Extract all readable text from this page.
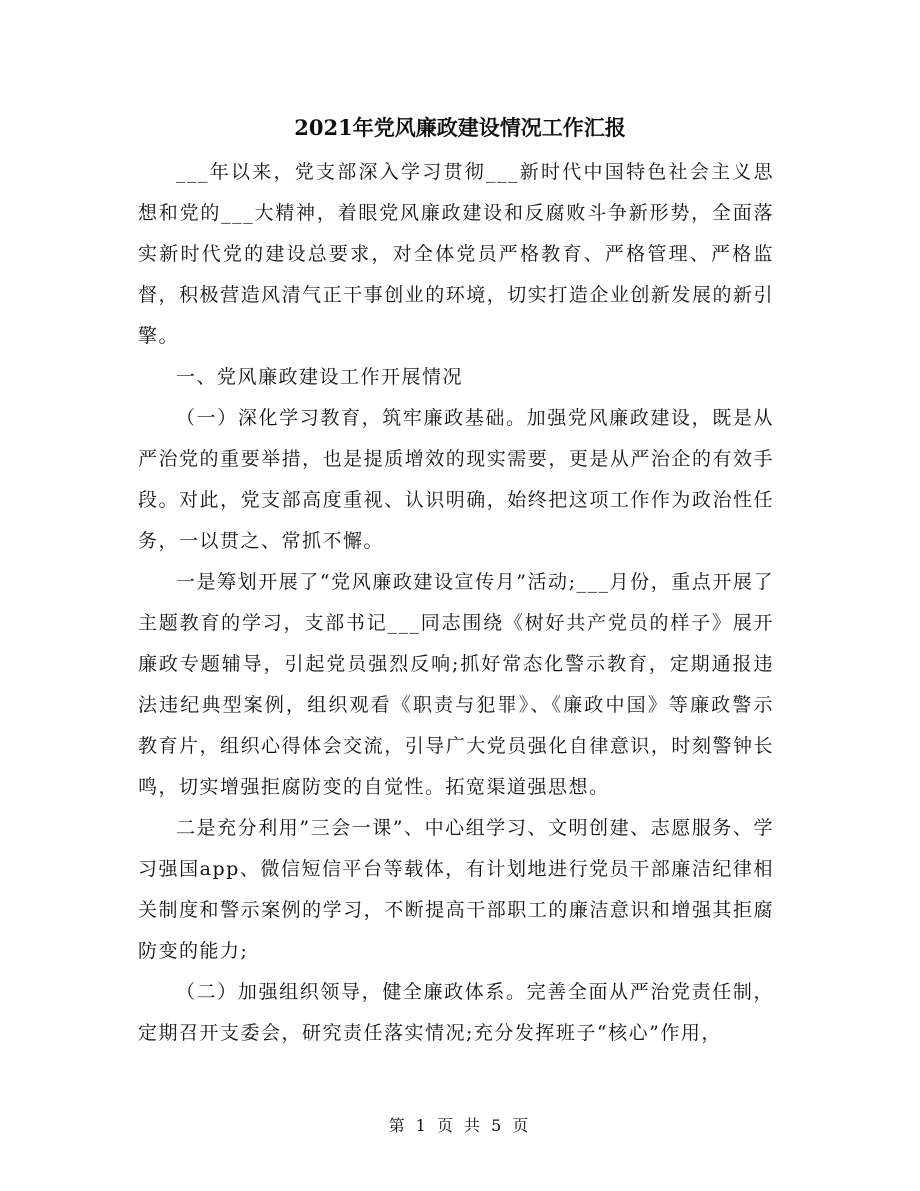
2021年党风廉政建设情况工作汇报

___年以来，党支部深入学习贯彻___新时代中国特色社会主义思想和党的___大精神，着眼党风廉政建设和反腐败斗争新形势，全面落实新时代党的建设总要求，对全体党员严格教育、严格管理、严格监督，积极营造风清气正干事创业的环境，切实打造企业创新发展的新引擎。

一、党风廉政建设工作开展情况

（一）深化学习教育，筑牢廉政基础。加强党风廉政建设，既是从严治党的重要举措，也是提质增效的现实需要，更是从严治企的有效手段。对此，党支部高度重视、认识明确，始终把这项工作作为政治性任务，一以贯之、常抓不懈。

一是筹划开展了“党风廉政建设宣传月”活动;___月份，重点开展了主题教育的学习，支部书记___同志围绕《树好共产党员的样子》展开廉政专题辅导，引起党员强烈反响;抓好常态化警示教育，定期通报违法违纪典型案例，组织观看《职责与犯罪》、《廉政中国》等廉政警示教育片，组织心得体会交流，引导广大党员强化自律意识，时刻警钟长鸣，切实增强拒腐防变的自觉性。拓宽渠道强思想。

二是充分利用”三会一课”、中心组学习、文明创建、志愿服务、学习强国app、微信短信平台等载体，有计划地进行党员干部廉洁纪律相关制度和警示案例的学习，不断提高干部职工的廉洁意识和增强其拒腐防变的能力;

（二）加强组织领导，健全廉政体系。完善全面从严治党责任制，定期召开支委会，研究责任落实情况;充分发挥班子“核心”作用，

第 1 页 共 5 页
